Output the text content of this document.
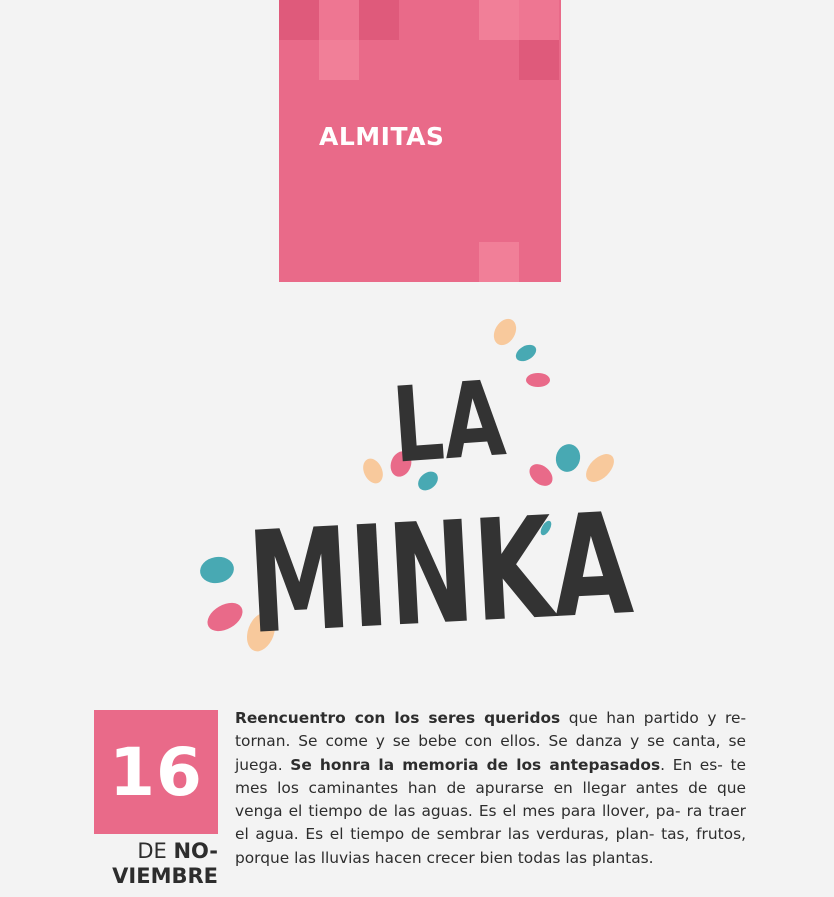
ALMITAS
LA
MINKA
16
DE NO-
VIEMBRE
Reencuentro con los seres queridos que han partido y re- tornan. Se come y se bebe con ellos. Se danza y se canta, se juega. Se honra la memoria de los antepasados. En es- te mes los caminantes han de apurarse en llegar antes de que venga el tiempo de las aguas. Es el mes para llover, pa- ra traer el agua. Es el tiempo de sembrar las verduras, plan- tas, frutos, porque las lluvias hacen crecer bien todas las plantas.
